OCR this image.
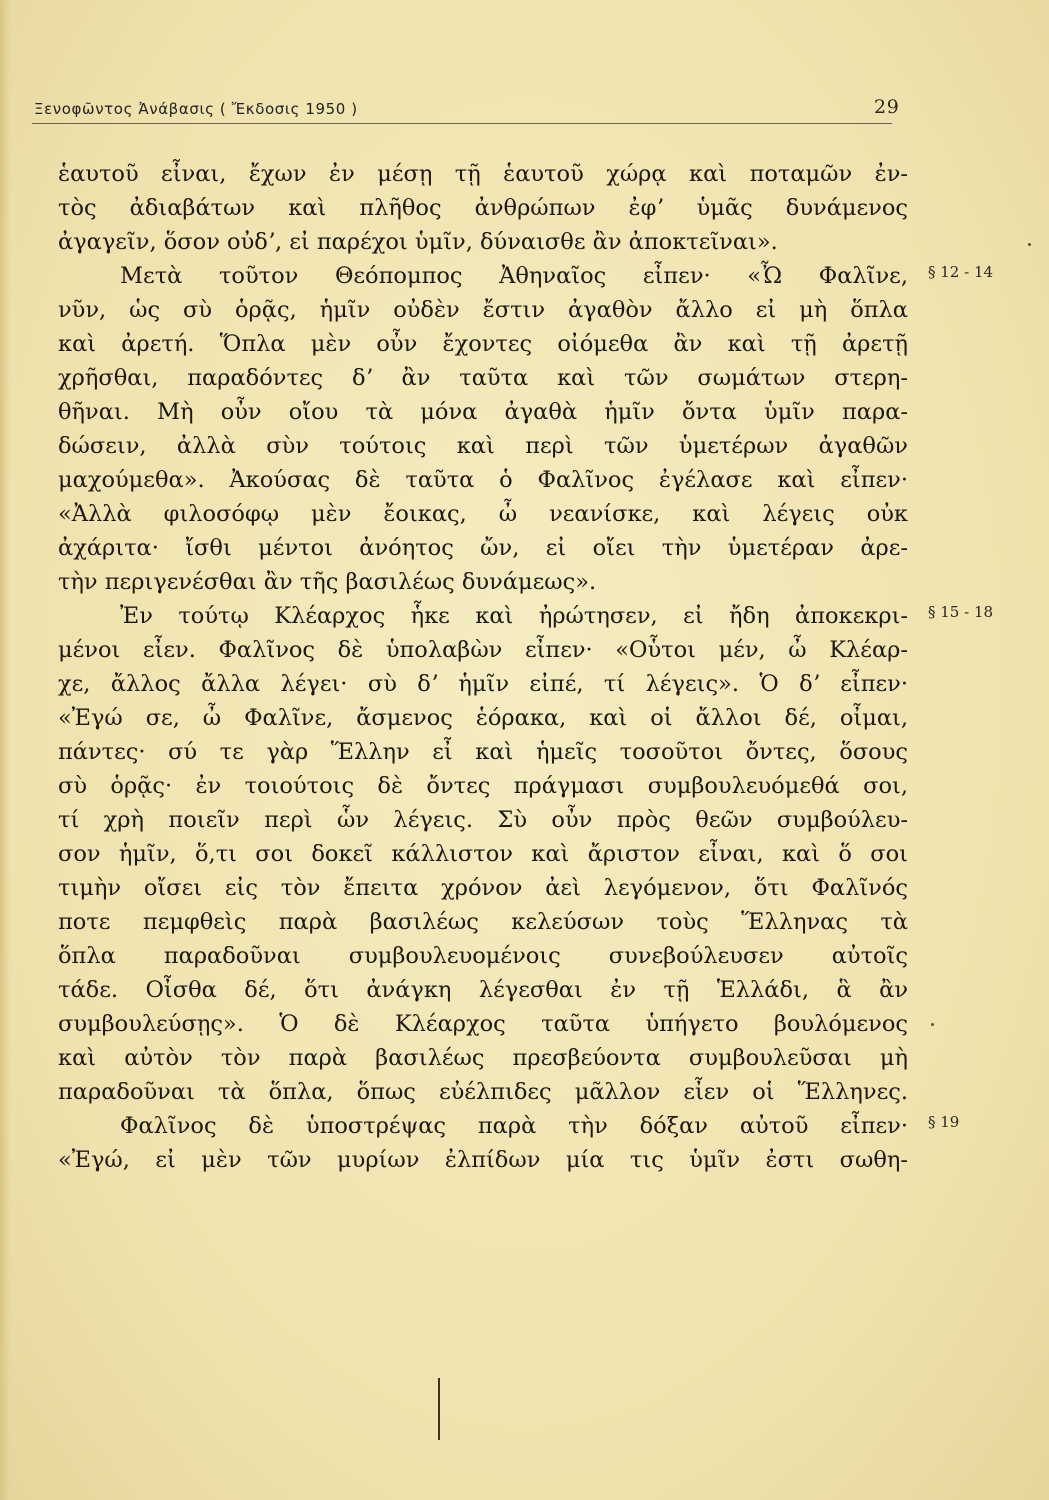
Ξενοφῶντος Ἀνάβασις ( Ἔκδοσις 1950 )	29
ἑαυτοῦ εἶναι, ἔχων ἐν μέσῃ τῇ ἑαυτοῦ χώρᾳ καὶ ποταμῶν ἐν-
τὸς ἀδιαβάτων καὶ πλῆθος ἀνθρώπων ἐφʼ ὑμᾶς δυνάμενος
ἀγαγεῖν, ὅσον οὐδʼ, εἰ παρέχοι ὑμῖν, δύναισθε ἂν ἀποκτεῖναι».
Μετὰ τοῦτον Θεόπομπος Ἀθηναῖος εἶπεν· «Ὦ Φαλῖνε,
νῦν, ὡς σὺ ὁρᾷς, ἡμῖν οὐδὲν ἔστιν ἀγαθὸν ἄλλο εἰ μὴ ὅπλα
καὶ ἀρετή. Ὅπλα μὲν οὖν ἔχοντες οἰόμεθα ἂν καὶ τῇ ἀρετῇ
χρῆσθαι, παραδόντες δʼ ἂν ταῦτα καὶ τῶν σωμάτων στερη-
θῆναι. Μὴ οὖν οἴου τὰ μόνα ἀγαθὰ ἡμῖν ὄντα ὑμῖν παρα-
δώσειν, ἀλλὰ σὺν τούτοις καὶ περὶ τῶν ὑμετέρων ἀγαθῶν
μαχούμεθα». Ἀκούσας δὲ ταῦτα ὁ Φαλῖνος ἐγέλασε καὶ εἶπεν·
«Ἀλλὰ φιλοσόφῳ μὲν ἔοικας, ὦ νεανίσκε, καὶ λέγεις οὐκ
ἀχάριτα· ἴσθι μέντοι ἀνόητος ὤν, εἰ οἴει τὴν ὑμετέραν ἀρε-
τὴν περιγενέσθαι ἂν τῆς βασιλέως δυνάμεως».
Ἐν τούτῳ Κλέαρχος ἧκε καὶ ἠρώτησεν, εἰ ἤδη ἀποκεκρι-
μένοι εἶεν. Φαλῖνος δὲ ὑπολαβὼν εἶπεν· «Οὗτοι μέν, ὦ Κλέαρ-
χε, ἄλλος ἄλλα λέγει· σὺ δʼ ἡμῖν εἰπέ, τί λέγεις». Ὁ δʼ εἶπεν·
«Ἐγώ σε, ὦ Φαλῖνε, ἄσμενος ἑόρακα, καὶ οἱ ἄλλοι δέ, οἶμαι,
πάντες· σύ τε γὰρ Ἕλλην εἶ καὶ ἡμεῖς τοσοῦτοι ὄντες, ὅσους
σὺ ὁρᾷς· ἐν τοιούτοις δὲ ὄντες πράγμασι συμβουλευόμεθά σοι,
τί χρὴ ποιεῖν περὶ ὧν λέγεις. Σὺ οὖν πρὸς θεῶν συμβούλευ-
σον ἡμῖν, ὅ,τι σοι δοκεῖ κάλλιστον καὶ ἄριστον εἶναι, καὶ ὅ σοι
τιμὴν οἴσει εἰς τὸν ἔπειτα χρόνον ἀεὶ λεγόμενον, ὅτι Φαλῖνός
ποτε πεμφθεὶς παρὰ βασιλέως κελεύσων τοὺς Ἕλληνας τὰ
ὅπλα παραδοῦναι συμβουλευομένοις συνεβούλευσεν αὐτοῖς
τάδε. Οἶσθα δέ, ὅτι ἀνάγκη λέγεσθαι ἐν τῇ Ἑλλάδι, ἃ ἂν
συμβουλεύσῃς». Ὁ δὲ Κλέαρχος ταῦτα ὑπήγετο βουλόμενος
καὶ αὐτὸν τὸν παρὰ βασιλέως πρεσβεύοντα συμβουλεῦσαι μὴ
παραδοῦναι τὰ ὅπλα, ὅπως εὐέλπιδες μᾶλλον εἶεν οἱ Ἕλληνες.
Φαλῖνος δὲ ὑποστρέψας παρὰ τὴν δόξαν αὐτοῦ εἶπεν·
«Ἐγώ, εἰ μὲν τῶν μυρίων ἐλπίδων μία τις ὑμῖν ἐστι σωθη-
§ 12 - 14
§ 15 - 18
§ 19
